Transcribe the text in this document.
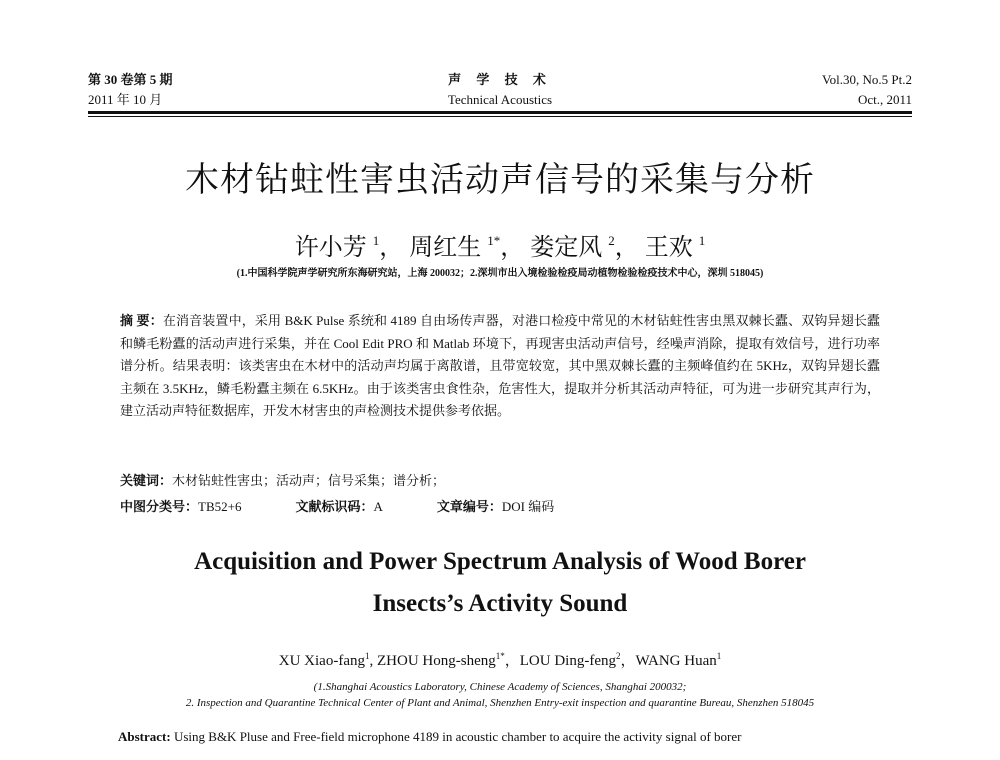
第 30 卷第 5 期
2011 年 10 月
声 学 技 术
Technical Acoustics
Vol.30, No.5 Pt.2
Oct., 2011
木材钻蛀性害虫活动声信号的采集与分析
许小芳 $^1$， 周红生 $^{1*}$， 娄定风 $^2$， 王欢 $^1$
(1.中国科学院声学研究所东海研究站，上海 200032；2.深圳市出入境检验检疫局动植物检验检疫技术中心，深圳 518045)
摘 要：在消音装置中，采用 B&K Pulse 系统和 4189 自由场传声器，对港口检疫中常见的木材钻蛀性害虫黑双棘长蠹、双钩异翅长蠹和鳞毛粉蠹的活动声进行采集，并在 Cool Edit PRO 和 Matlab 环境下，再现害虫活动声信号，经噪声消除，提取有效信号，进行功率谱分析。结果表明：该类害虫在木材中的活动声均属于离散谱，且带宽较宽，其中黑双棘长蠹的主频峰值约在 5KHz，双钩异翅长蠹主频在 3.5KHz，鳞毛粉蠹主频在 6.5KHz。由于该类害虫食性杂，危害性大，提取并分析其活动声特征，可为进一步研究其声行为，建立活动声特征数据库，开发木材害虫的声检测技术提供参考依据。
关键词：木材钻蛀性害虫；活动声；信号采集；谱分析；
中图分类号：TB52+6	文献标识码：A	文章编号：DOI 编码
Acquisition and Power Spectrum Analysis of Wood Borer
Insects’s Activity Sound
XU Xiao-fang$^1$, ZHOU Hong-sheng$^{1*}$，LOU Ding-feng$^2$，WANG Huan$^1$
(1.Shanghai Acoustics Laboratory, Chinese Academy of Sciences, Shanghai 200032;
2. Inspection and Quarantine Technical Center of Plant and Animal, Shenzhen Entry-exit inspection and quarantine Bureau, Shenzhen 518045
Abstract: Using B&K Pluse and Free-field microphone 4189 in acoustic chamber to acquire the activity signal of borer
